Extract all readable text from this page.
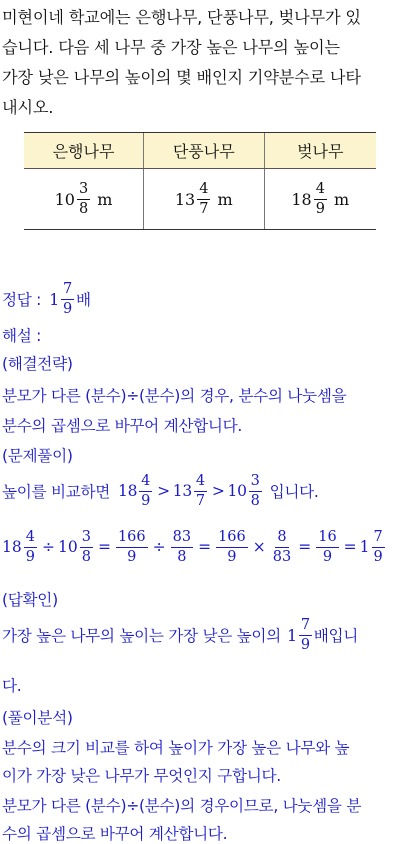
미현이네 학교에는 은행나무, 단풍나무, 벚나무가 있
습니다. 다음 세 나무 중 가장 높은 나무의 높이는
가장 낮은 나무의 높이의 몇 배인지 기약분수로 나타
내시오.
은행나무	단풍나무	벚나무

$10 \frac{3}{8}$ m	$13 \frac{4}{7}$ m	$18 \frac{4}{9}$ m
정답 : $1 \frac{7}{9}$ 배
해설 :
(해결전략)
분모가 다른 (분수)÷(분수)의 경우, 분수의 나눗셈을
분수의 곱셈으로 바꾸어 계산합니다.
(문제풀이)
높이를 비교하면 $18 \frac{4}{9} > 13 \frac{4}{7} > 10 \frac{3}{8}$ 입니다.
$18 \frac{4}{9} \div 10 \frac{3}{8} = \frac{166}{9} \div \frac{83}{8} = \frac{166}{9} \times \frac{8}{83} = \frac{16}{9} = 1 \frac{7}{9}$
(답확인)
가장 높은 나무의 높이는 가장 낮은 높이의 $1 \frac{7}{9}$ 배입니
다.
(풀이분석)
분수의 크기 비교를 하여 높이가 가장 높은 나무와 높
이가 가장 낮은 나무가 무엇인지 구합니다.
분모가 다른 (분수)÷(분수)의 경우이므로, 나눗셈을 분
수의 곱셈으로 바꾸어 계산합니다.
